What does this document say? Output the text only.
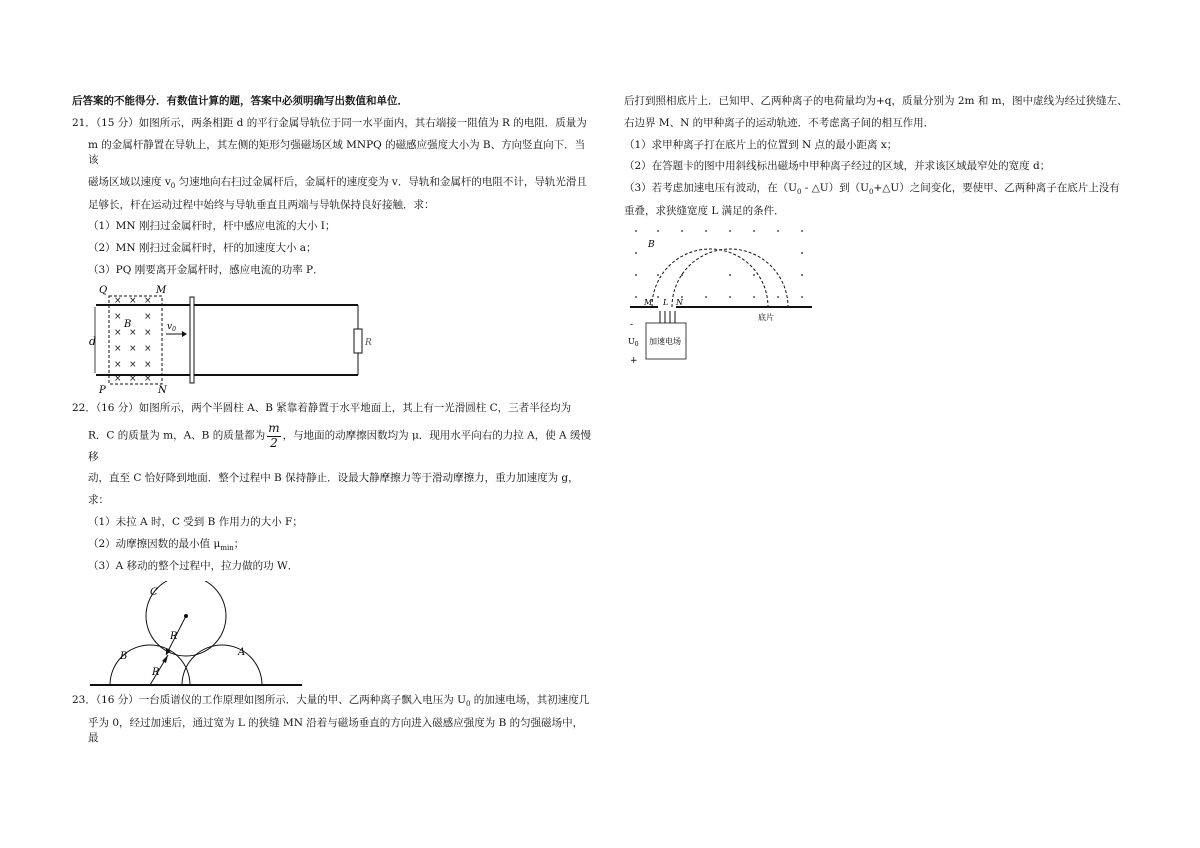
后答案的不能得分．有数值计算的题，答案中必须明确写出数值和单位．

21．（15 分）如图所示，两条相距 d 的平行金属导轨位于同一水平面内，其右端接一阻值为 R 的电阻．质量为

m 的金属杆静置在导轨上，其左侧的矩形匀强磁场区域 MNPQ 的磁感应强度大小为 B、方向竖直向下．当该

磁场区域以速度 $v_0$ 匀速地向右扫过金属杆后，金属杆的速度变为 v．导轨和金属杆的电阻不计，导轨光滑且

足够长，杆在运动过程中始终与导轨垂直且两端与导轨保持良好接触．求：

（1）MN 刚扫过金属杆时，杆中感应电流的大小 I；

（2）MN 刚扫过金属杆时，杆的加速度大小 a；

（3）PQ 刚要离开金属杆时，感应电流的功率 P．

d
Q	M
P	N
B	$v_0$
R
× × ×
× ×
× × ×
× × ×
× × ×
× × ×

22．（16 分）如图所示，两个半圆柱 A、B 紧靠着静置于水平地面上，其上有一光滑圆柱 C，三者半径均为

R．C 的质量为 m，A、B 的质量都为 $\frac{m}{2}$ ，与地面的动摩擦因数均为 μ．现用水平向右的力拉 A，使 A 缓慢移

动，直至 C 恰好降到地面．整个过程中 B 保持静止．设最大静摩擦力等于滑动摩擦力，重力加速度为 g，

求：

（1）未拉 A 时，C 受到 B 作用力的大小 F；

（2）动摩擦因数的最小值 $\mu_{min}$；

（3）A 移动的整个过程中，拉力做的功 W．

C
R
R
B	A

23．（16 分）一台质谱仪的工作原理如图所示．大量的甲、乙两种离子飘入电压为 $U_0$ 的加速电场，其初速度几

乎为 0，经过加速后，通过宽为 L 的狭缝 MN 沿着与磁场垂直的方向进入磁感应强度为 B 的匀强磁场中，最

后打到照相底片上．已知甲、乙两种离子的电荷量均为+q，质量分别为 2m 和 m，图中虚线为经过狭缝左、

右边界 M、N 的甲种离子的运动轨迹．不考虑离子间的相互作用．

（1）求甲种离子打在底片上的位置到 N 点的最小距离 x；

（2）在答题卡的图中用斜线标出磁场中甲种离子经过的区域，并求该区域最窄处的宽度 d；

（3）若考虑加速电压有波动，在（$U_0$ - △U）到$(U_0+\triangle U)$之间变化，要使甲、乙两种离子在底片上没有

重叠，求狭缝宽度 L 满足的条件．

B
M L N
底片
加速电场
-
+
$U_0$
